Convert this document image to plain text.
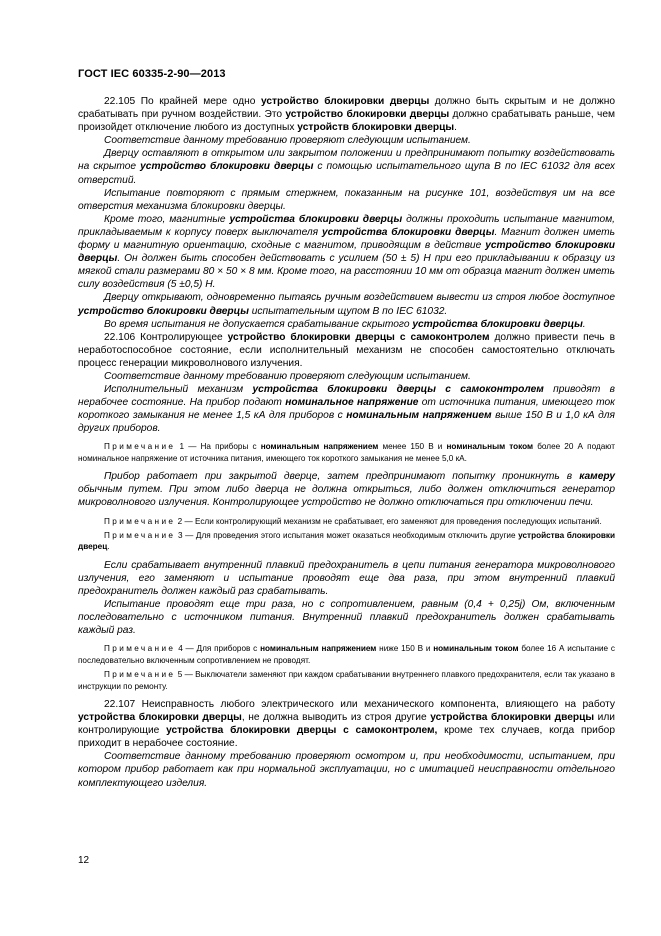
ГОСТ IEC 60335-2-90—2013

22.105 По крайней мере одно устройство блокировки дверцы должно быть скрытым и не должно срабатывать при ручном воздействии. Это устройство блокировки дверцы должно срабатывать раньше, чем произойдет отключение любого из доступных устройств блокировки дверцы.

Соответствие данному требованию проверяют следующим испытанием.

Дверцу оставляют в открытом или закрытом положении и предпринимают попытку воздействовать на скрытое устройство блокировки дверцы с помощью испытательного щупа B по IEC 61032 для всех отверстий.

Испытание повторяют с прямым стержнем, показанным на рисунке 101, воздействуя им на все отверстия механизма блокировки дверцы.

Кроме того, магнитные устройства блокировки дверцы должны проходить испытание магнитом, прикладываемым к корпусу поверх выключателя устройства блокировки дверцы. Магнит должен иметь форму и магнитную ориентацию, сходные с магнитом, приводящим в действие устройство блокировки дверцы. Он должен быть способен действовать с усилием (50 ± 5) Н при его прикладывании к образцу из мягкой стали размерами 80 × 50 × 8 мм. Кроме того, на расстоянии 10 мм от образца магнит должен иметь силу воздействия (5 ±0,5) Н.

Дверцу открывают, одновременно пытаясь ручным воздействием вывести из строя любое доступное устройство блокировки дверцы испытательным щупом B по IEC 61032.

Во время испытания не допускается срабатывание скрытого устройства блокировки дверцы.

22.106 Контролирующее устройство блокировки дверцы с самоконтролем должно привести печь в неработоспособное состояние, если исполнительный механизм не способен самостоятельно отключать процесс генерации микроволнового излучения.

Соответствие данному требованию проверяют следующим испытанием.

Исполнительный механизм устройства блокировки дверцы с самоконтролем приводят в нерабочее состояние. На прибор подают номинальное напряжение от источника питания, имеющего ток короткого замыкания не менее 1,5 кА для приборов с номинальным напряжением выше 150 В и 1,0 кА для других приборов.

Примечание 1 — На приборы с номинальным напряжением менее 150 В и номинальным током более 20 А подают номинальное напряжение от источника питания, имеющего ток короткого замыкания не менее 5,0 кА.

Прибор работает при закрытой дверце, затем предпринимают попытку проникнуть в камеру обычным путем. При этом либо дверца не должна открыться, либо должен отключиться генератор микроволнового излучения. Контролирующее устройство не должно отключаться при отключении печи.

Примечание 2 — Если контролирующий механизм не срабатывает, его заменяют для проведения последующих испытаний.

Примечание 3 — Для проведения этого испытания может оказаться необходимым отключить другие устройства блокировки дверец.

Если срабатывает внутренний плавкий предохранитель в цепи питания генератора микроволнового излучения, его заменяют и испытание проводят еще два раза, при этом внутренний плавкий предохранитель должен каждый раз срабатывать.

Испытание проводят еще три раза, но с сопротивлением, равным (0,4 + 0,25j) Ом, включенным последовательно с источником питания. Внутренний плавкий предохранитель должен срабатывать каждый раз.

Примечание 4 — Для приборов с номинальным напряжением ниже 150 В и номинальным током более 16 А испытание с последовательно включенным сопротивлением не проводят.

Примечание 5 — Выключатели заменяют при каждом срабатывании внутреннего плавкого предохранителя, если так указано в инструкции по ремонту.

22.107 Неисправность любого электрического или механического компонента, влияющего на работу устройства блокировки дверцы, не должна выводить из строя другие устройства блокировки дверцы или контролирующие устройства блокировки дверцы с самоконтролем, кроме тех случаев, когда прибор приходит в нерабочее состояние.

Соответствие данному требованию проверяют осмотром и, при необходимости, испытанием, при котором прибор работает как при нормальной эксплуатации, но с имитацией неисправности отдельного комплектующего изделия.

12
